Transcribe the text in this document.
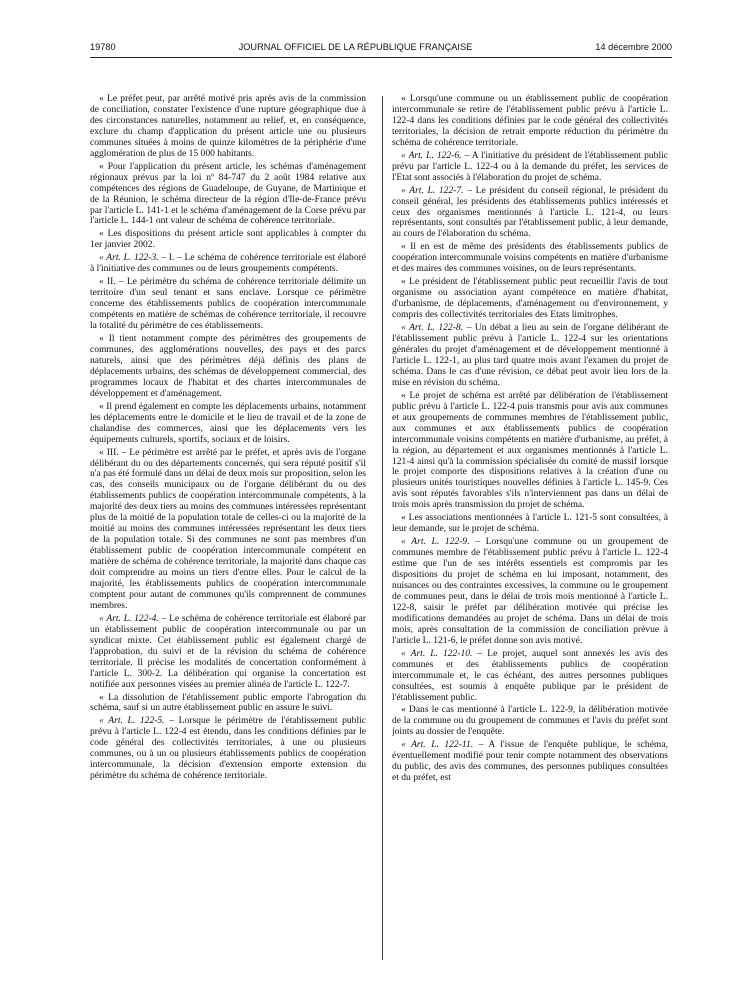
19780	JOURNAL OFFICIEL DE LA RÉPUBLIQUE FRANÇAISE	14 décembre 2000

« Le préfet peut, par arrêté motivé pris après avis de la commission de conciliation, constater l'existence d'une rupture géographique due à des circonstances naturelles, notamment au relief, et, en conséquence, exclure du champ d'application du présent article une ou plusieurs communes situées à moins de quinze kilomètres de la périphérie d'une agglomération de plus de 15 000 habitants.

« Pour l'application du présent article, les schémas d'aménagement régionaux prévus par la loi nº 84-747 du 2 août 1984 relative aux compétences des régions de Guadeloupe, de Guyane, de Martinique et de la Réunion, le schéma directeur de la région d'Ile-de-France prévu par l'article L. 141-1 et le schéma d'aménagement de la Corse prévu par l'article L. 144-1 ont valeur de schéma de cohérence territoriale.

« Les dispositions du présent article sont applicables à compter du 1er janvier 2002.

« Art. L. 122-3. – I. – Le schéma de cohérence territoriale est élaboré à l'initiative des communes ou de leurs groupements compétents.

« II. – Le périmètre du schéma de cohérence territoriale délimite un territoire d'un seul tenant et sans enclave. Lorsque ce périmètre concerne des établissements publics de coopération intercommunale compétents en matière de schémas de cohérence territoriale, il recouvre la totalité du périmètre de ces établissements.

« Il tient notamment compte des périmètres des groupements de communes, des agglomérations nouvelles, des pays et des parcs naturels, ainsi que des périmètres déjà définis des plans de déplacements urbains, des schémas de développement commercial, des programmes locaux de l'habitat et des chartes intercommunales de développement et d'aménagement.

« Il prend également en compte les déplacements urbains, notamment les déplacements entre le domicile et le lieu de travail et de la zone de chalandise des commerces, ainsi que les déplacements vers les équipements culturels, sportifs, sociaux et de loisirs.

« III. – Le périmètre est arrêté par le préfet, et après avis de l'organe délibérant du ou des départements concernés, qui sera réputé positif s'il n'a pas été formulé dans un délai de deux mois sur proposition, selon les cas, des conseils municipaux ou de l'organe délibérant du ou des établissements publics de coopération intercommunale compétents, à la majorité des deux tiers au moins des communes intéressées représentant plus de la moitié de la population totale de celles-ci ou la majorité de la moitié au moins des communes intéressées représentant les deux tiers de la population totale. Si des communes ne sont pas membres d'un établissement public de coopération intercommunale compétent en matière de schéma de cohérence territoriale, la majorité dans chaque cas doit comprendre au moins un tiers d'entre elles. Pour le calcul de la majorité, les établissements publics de coopération intercommunale comptent pour autant de communes qu'ils comprennent de communes membres.

« Art. L. 122-4. – Le schéma de cohérence territoriale est élaboré par un établissement public de coopération intercommunale ou par un syndicat mixte. Cet établissement public est également chargé de l'approbation, du suivi et de la révision du schéma de cohérence territoriale. Il précise les modalités de concertation conformément à l'article L. 300-2. La délibération qui organise la concertation est notifiée aux personnes visées au premier alinéa de l'article L. 122-7.

« La dissolution de l'établissement public emporte l'abrogation du schéma, sauf si un autre établissement public en assure le suivi.

« Art. L. 122-5. – Lorsque le périmètre de l'établissement public prévu à l'article L. 122-4 est étendu, dans les conditions définies par le code général des collectivités territoriales, à une ou plusieurs communes, ou à un ou plusieurs établissements publics de coopération intercommunale, la décision d'extension emporte extension du périmètre du schéma de cohérence territoriale.

« Lorsqu'une commune ou un établissement public de coopération intercommunale se retire de l'établissement public prévu à l'article L. 122-4 dans les conditions définies par le code général des collectivités territoriales, la décision de retrait emporte réduction du périmètre du schéma de cohérence territoriale.

« Art. L. 122-6. – A l'initiative du président de l'établissement public prévu par l'article L. 122-4 ou à la demande du préfet, les services de l'Etat sont associés à l'élaboration du projet de schéma.

« Art. L. 122-7. – Le président du conseil régional, le président du conseil général, les présidents des établissements publics intéressés et ceux des organismes mentionnés à l'article L. 121-4, ou leurs représentants, sont consultés par l'établissement public, à leur demande, au cours de l'élaboration du schéma.

« Il en est de même des présidents des établissements publics de coopération intercommunale voisins compétents en matière d'urbanisme et des maires des communes voisines, ou de leurs représentants.

« Le président de l'établissement public peut recueillir l'avis de tout organisme ou association ayant compétence en matière d'habitat, d'urbanisme, de déplacements, d'aménagement ou d'environnement, y compris des collectivités territoriales des Etats limitrophes.

« Art. L. 122-8. – Un débat a lieu au sein de l'organe délibérant de l'établissement public prévu à l'article L. 122-4 sur les orientations générales du projet d'aménagement et de développement mentionné à l'article L. 122-1, au plus tard quatre mois avant l'examen du projet de schéma. Dans le cas d'une révision, ce débat peut avoir lieu lors de la mise en révision du schéma.

« Le projet de schéma est arrêté par délibération de l'établissement public prévu à l'article L. 122-4 puis transmis pour avis aux communes et aux groupements de communes membres de l'établissement public, aux communes et aux établissements publics de coopération intercommunale voisins compétents en matière d'urbanisme, au préfet, à la région, au département et aux organismes mentionnés à l'article L. 121-4 ainsi qu'à la commission spécialisée du comité de massif lorsque le projet comporte des dispositions relatives à la création d'une ou plusieurs unités touristiques nouvelles définies à l'article L. 145-9. Ces avis sont réputés favorables s'ils n'interviennent pas dans un délai de trois mois après transmission du projet de schéma.

« Les associations mentionnées à l'article L. 121-5 sont consultées, à leur demande, sur le projet de schéma.

« Art. L. 122-9. – Lorsqu'une commune ou un groupement de communes membre de l'établissement public prévu à l'article L. 122-4 estime que l'un de ses intérêts essentiels est compromis par les dispositions du projet de schéma en lui imposant, notamment, des nuisances ou des contraintes excessives, la commune ou le groupement de communes peut, dans le délai de trois mois mentionné à l'article L. 122-8, saisir le préfet par délibération motivée qui précise les modifications demandées au projet de schéma. Dans un délai de trois mois, après consultation de la commission de conciliation prévue à l'article L. 121-6, le préfet donne son avis motivé.

« Art. L. 122-10. – Le projet, auquel sont annexés les avis des communes et des établissements publics de coopération intercommunale et, le cas échéant, des autres personnes publiques consultées, est soumis à enquête publique par le président de l'établissement public.

« Dans le cas mentionné à l'article L. 122-9, la délibération motivée de la commune ou du groupement de communes et l'avis du préfet sont joints au dossier de l'enquête.

« Art. L. 122-11. – A l'issue de l'enquête publique, le schéma, éventuellement modifié pour tenir compte notamment des observations du public, des avis des communes, des personnes publiques consultées et du préfet, est
